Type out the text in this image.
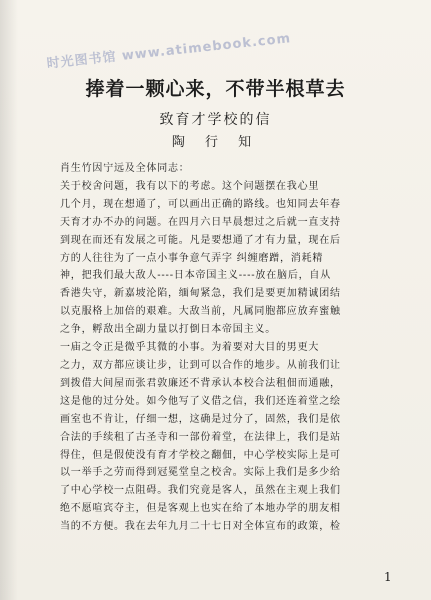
时光图书馆 www.atimebook.com
捧着一颗心来，不带半根草去
致育才学校的信
陶 行 知
肖生竹因宁远及全体同志：
关于校舍问题，我有以下的考虑。这个问题摆在我心里
几个月，现在想通了，可以画出正确的路线。也知同去年春
天育才办不办的问题。在四月六日早晨想过之后就一直支持
到现在而还有发展之可能。凡是要想通了才有力量，现在后
方的人往往为了一点小事争意气弄字 纠缠磨蹭，消耗精
神，把我们最大敌人----日本帝国主义----放在脑后，自从
香港失守，新嘉坡沦陷，缅甸紧急，我们是要更加精诚团结
以克服格上加倍的艰难。大敌当前，凡属同胞都应放弃蜜触
之争，孵敌出全副力量以打倒日本帝国主义。
一庙之令正是微乎其微的小事。为着要对大目的男更大
之力，双方都应谈让步，让到可以合作的地步。从前我们让
到拨借大间屋而张君敦廉还不背承认本校合法租佃而通融，
这是他的过分处。如今他写了义借之信，我们还连着堂之绘
画室也不肯让，仔细一想，这确是过分了，固然，我们是依
合法的手续租了古圣寺和一部份着堂，在法律上，我们是站
得住，但是假使没有育才学校之翻佃，中心学校实际上是可
以一举手之劳而得到冠冕堂皇之校舍。实际上我们是多少给
了中心学校一点阻碍。我们究竟是客人，虽然在主观上我们
绝不愿喧宾夺主，但是客观上也实在给了本地办学的朋友相
当的不方便。我在去年九月二十七日对全体宣布的政策，检
1
